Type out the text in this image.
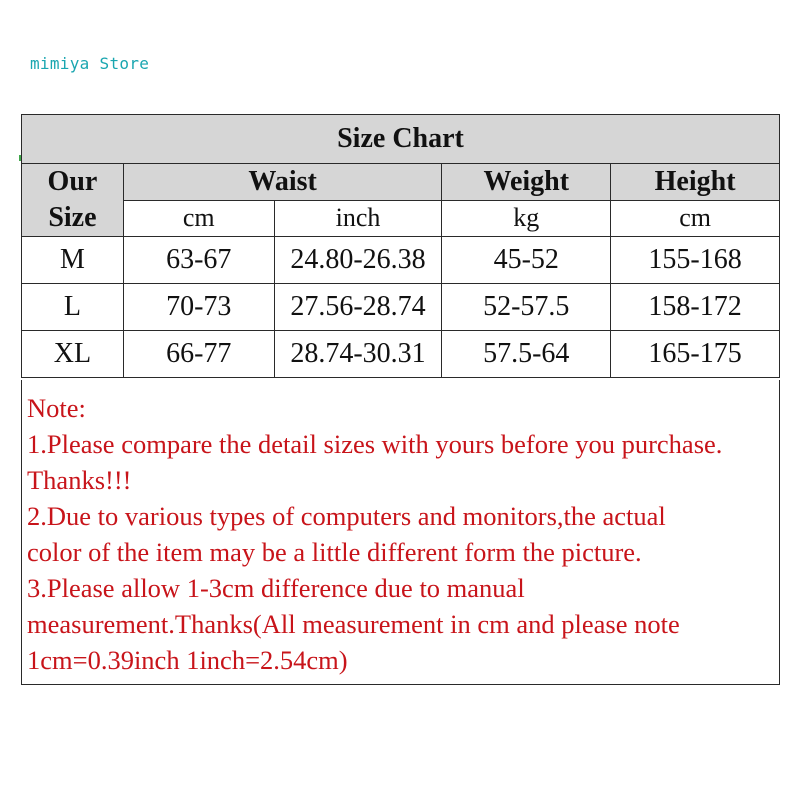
mimiya Store
Size Chart				

Our
Size	Waist		Weight	Height
	cm	inch	kg	cm
M	63-67	24.80-26.38	45-52	155-168
L	70-73	27.56-28.74	52-57.5	158-172
XL	66-77	28.74-30.31	57.5-64	165-175
Note:
1.Please compare the detail sizes with yours before you purchase.
Thanks!!!
2.Due to various types of computers and monitors,the actual
color of the item may be a little different form the picture.
3.Please allow 1-3cm difference due to manual
measurement.Thanks(All measurement in cm and please note
1cm=0.39inch 1inch=2.54cm)
